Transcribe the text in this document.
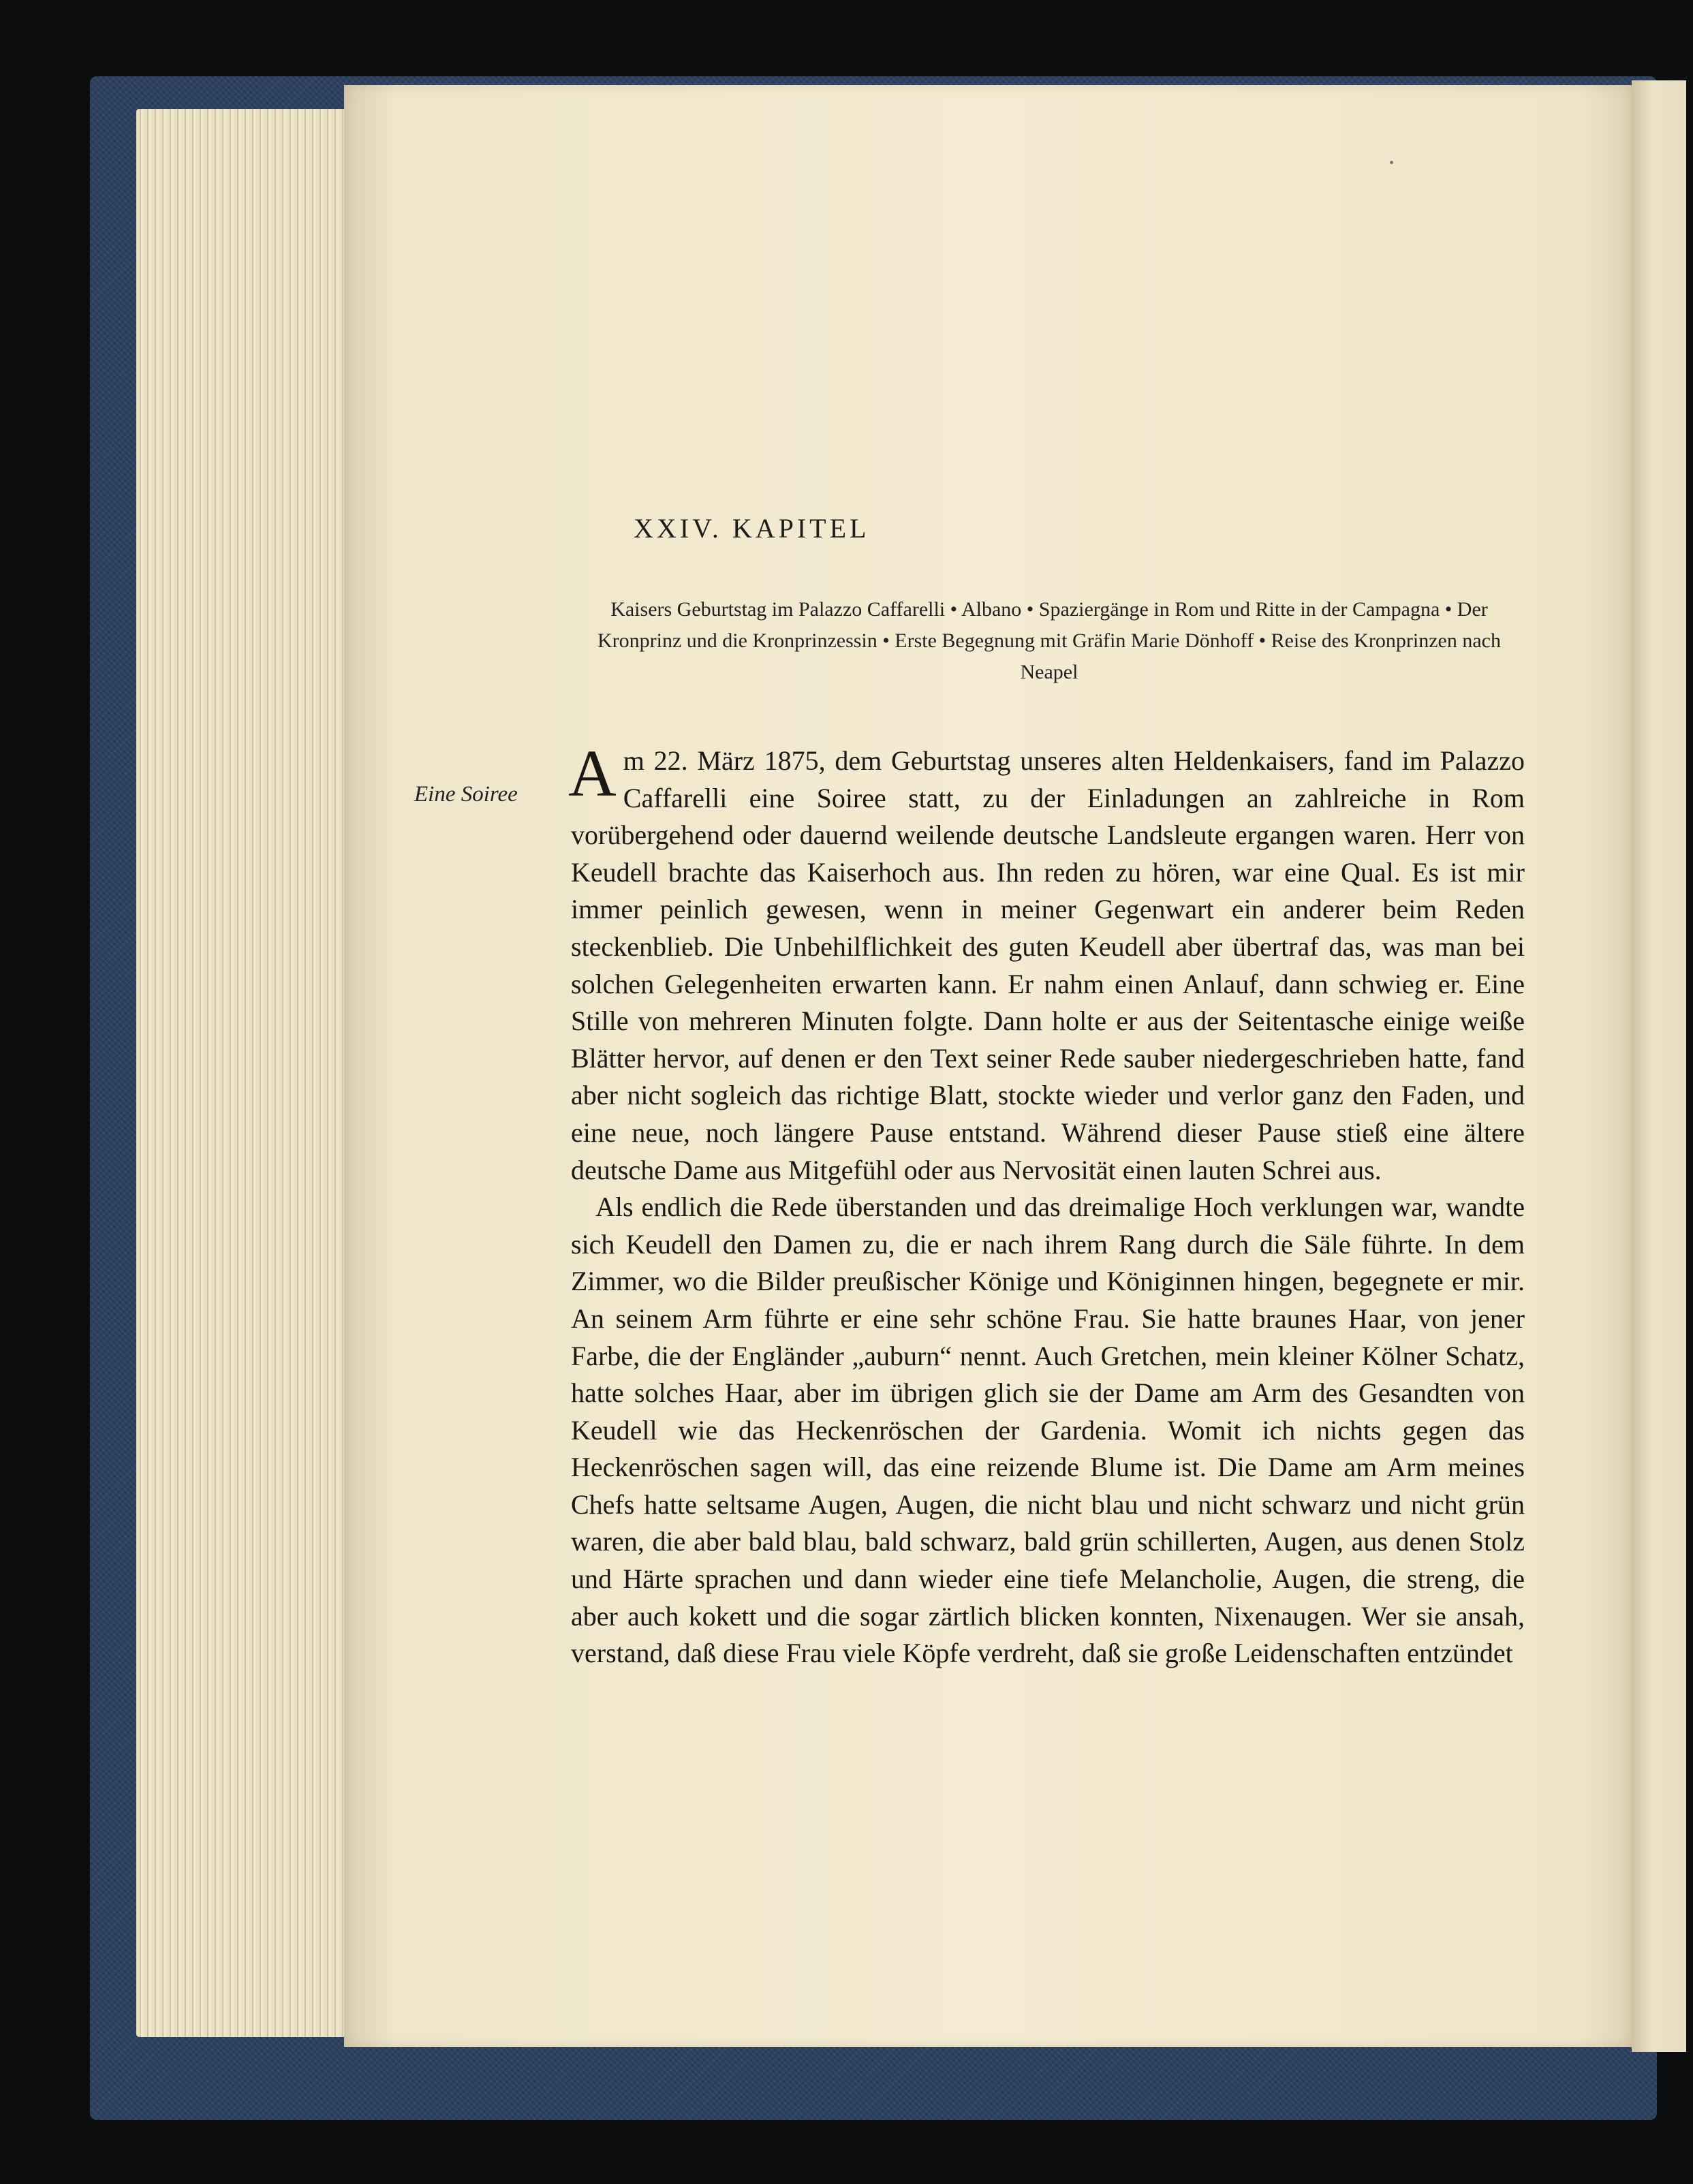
XXIV. KAPITEL
Kaisers Geburtstag im Palazzo Caffarelli • Albano • Spaziergänge in Rom und Ritte in der Campagna • Der Kronprinz und die Kronprinzessin • Erste Begegnung mit Gräfin Marie Dönhoff • Reise des Kronprinzen nach Neapel
Eine Soiree Am 22. März 1875, dem Geburtstag unseres alten Heldenkaisers, fand im Palazzo Caffarelli eine Soiree statt, zu der Einladungen an zahlreiche in Rom vorübergehend oder dauernd weilende deutsche Landsleute ergangen waren. Herr von Keudell brachte das Kaiserhoch aus. Ihn reden zu hören, war eine Qual. Es ist mir immer peinlich gewesen, wenn in meiner Gegenwart ein anderer beim Reden steckenblieb. Die Unbehilflichkeit des guten Keudell aber übertraf das, was man bei solchen Gelegenheiten erwarten kann. Er nahm einen Anlauf, dann schwieg er. Eine Stille von mehreren Minuten folgte. Dann holte er aus der Seitentasche einige weiße Blätter hervor, auf denen er den Text seiner Rede sauber niedergeschrieben hatte, fand aber nicht sogleich das richtige Blatt, stockte wieder und verlor ganz den Faden, und eine neue, noch längere Pause entstand. Während dieser Pause stieß eine ältere deutsche Dame aus Mitgefühl oder aus Nervosität einen lauten Schrei aus.

Als endlich die Rede überstanden und das dreimalige Hoch verklungen war, wandte sich Keudell den Damen zu, die er nach ihrem Rang durch die Säle führte. In dem Zimmer, wo die Bilder preußischer Könige und Königinnen hingen, begegnete er mir. An seinem Arm führte er eine sehr schöne Frau. Sie hatte braunes Haar, von jener Farbe, die der Engländer „auburn“ nennt. Auch Gretchen, mein kleiner Kölner Schatz, hatte solches Haar, aber im übrigen glich sie der Dame am Arm des Gesandten von Keudell wie das Heckenröschen der Gardenia. Womit ich nichts gegen das Heckenröschen sagen will, das eine reizende Blume ist. Die Dame am Arm meines Chefs hatte seltsame Augen, Augen, die nicht blau und nicht schwarz und nicht grün waren, die aber bald blau, bald schwarz, bald grün schillerten, Augen, aus denen Stolz und Härte sprachen und dann wieder eine tiefe Melancholie, Augen, die streng, die aber auch kokett und die sogar zärtlich blicken konnten, Nixenaugen. Wer sie ansah, verstand, daß diese Frau viele Köpfe verdreht, daß sie große Leidenschaften entzündet
